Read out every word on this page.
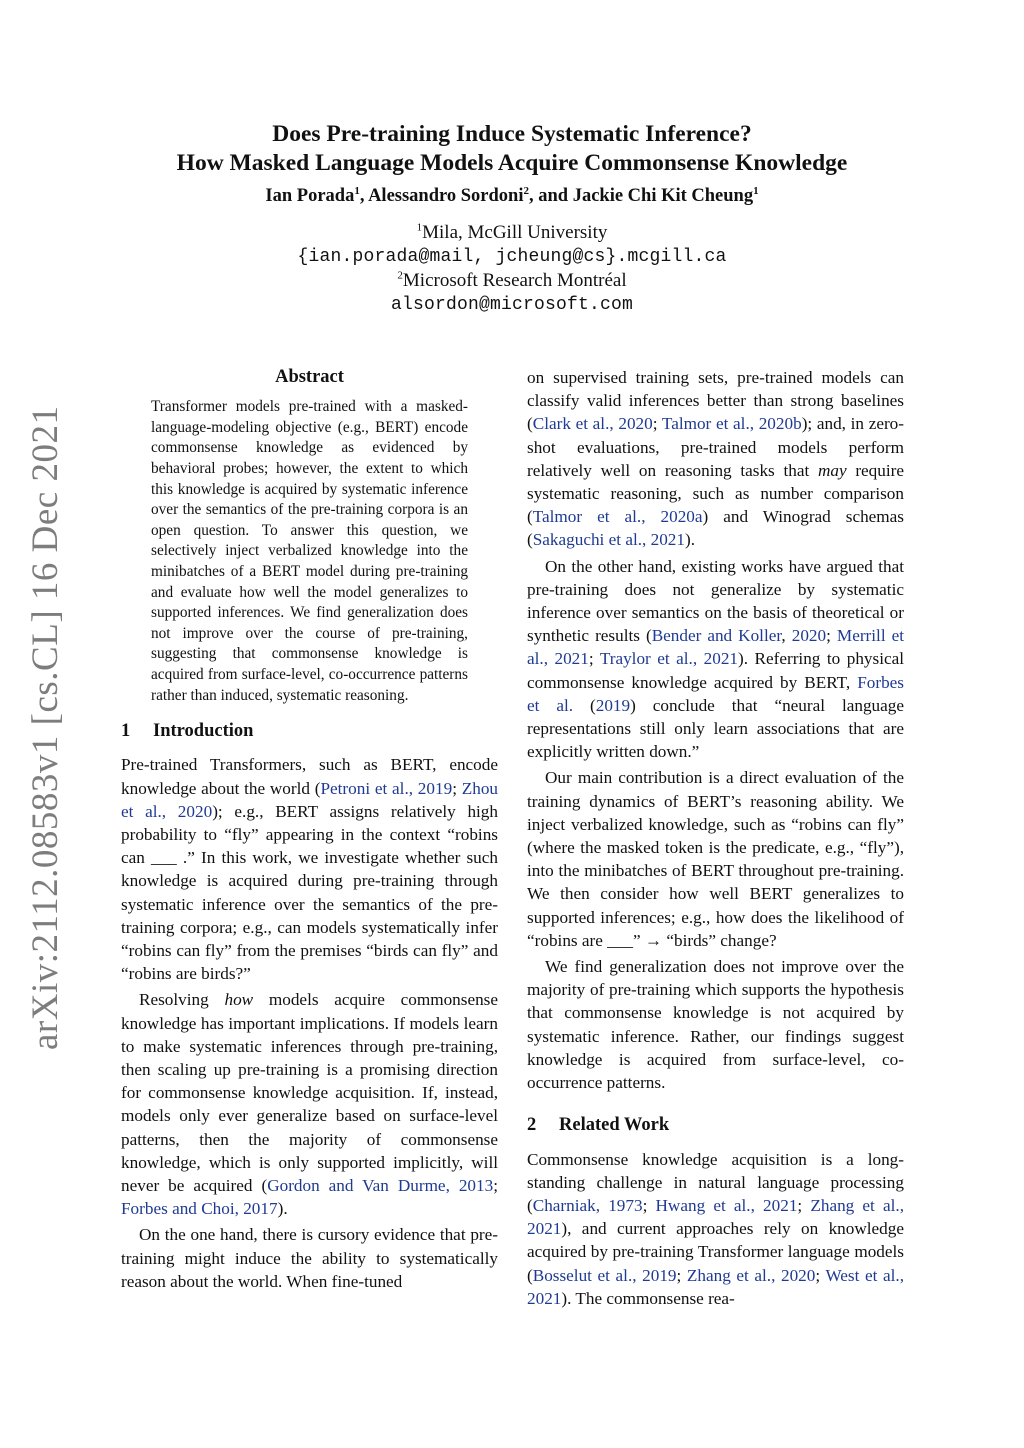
arXiv:2112.08583v1 [cs.CL] 16 Dec 2021
Does Pre-training Induce Systematic Inference?
How Masked Language Models Acquire Commonsense Knowledge
Ian Porada$^1$, Alessandro Sordoni$^2$, and Jackie Chi Kit Cheung$^1$
$^1$Mila, McGill University
{ian.porada@mail, jcheung@cs}.mcgill.ca
$^2$Microsoft Research Montréal
alsordon@microsoft.com
Abstract
Transformer models pre-trained with a masked-language-modeling objective (e.g., BERT) encode commonsense knowledge as evidenced by behavioral probes; however, the extent to which this knowledge is acquired by systematic inference over the semantics of the pre-training corpora is an open question. To answer this question, we selectively inject verbalized knowledge into the minibatches of a BERT model during pre-training and evaluate how well the model generalizes to supported inferences. We find generalization does not improve over the course of pre-training, suggesting that commonsense knowledge is acquired from surface-level, co-occurrence patterns rather than induced, systematic reasoning.
1 Introduction

Pre-trained Transformers, such as BERT, encode knowledge about the world (Petroni et al., 2019; Zhou et al., 2020); e.g., BERT assigns relatively high probability to “fly” appearing in the context “robins can ___ .” In this work, we investigate whether such knowledge is acquired during pre-training through systematic inference over the semantics of the pre-training corpora; e.g., can models systematically infer “robins can fly” from the premises “birds can fly” and “robins are birds?”

Resolving how models acquire commonsense knowledge has important implications. If models learn to make systematic inferences through pre-training, then scaling up pre-training is a promising direction for commonsense knowledge acquisition. If, instead, models only ever generalize based on surface-level patterns, then the majority of commonsense knowledge, which is only supported implicitly, will never be acquired (Gordon and Van Durme, 2013; Forbes and Choi, 2017).

On the one hand, there is cursory evidence that pre-training might induce the ability to systematically reason about the world. When fine-tuned

on supervised training sets, pre-trained models can classify valid inferences better than strong baselines (Clark et al., 2020; Talmor et al., 2020b); and, in zero-shot evaluations, pre-trained models perform relatively well on reasoning tasks that may require systematic reasoning, such as number comparison (Talmor et al., 2020a) and Winograd schemas (Sakaguchi et al., 2021).

On the other hand, existing works have argued that pre-training does not generalize by systematic inference over semantics on the basis of theoretical or synthetic results (Bender and Koller, 2020; Merrill et al., 2021; Traylor et al., 2021). Referring to physical commonsense knowledge acquired by BERT, Forbes et al. (2019) conclude that “neural language representations still only learn associations that are explicitly written down.”

Our main contribution is a direct evaluation of the training dynamics of BERT’s reasoning ability. We inject verbalized knowledge, such as “robins can fly” (where the masked token is the predicate, e.g., “fly”), into the minibatches of BERT throughout pre-training. We then consider how well BERT generalizes to supported inferences; e.g., how does the likelihood of “robins are ___” → “birds” change?

We find generalization does not improve over the majority of pre-training which supports the hypothesis that commonsense knowledge is not acquired by systematic inference. Rather, our findings suggest knowledge is acquired from surface-level, co-occurrence patterns.

2 Related Work

Commonsense knowledge acquisition is a long-standing challenge in natural language processing (Charniak, 1973; Hwang et al., 2021; Zhang et al., 2021), and current approaches rely on knowledge acquired by pre-training Transformer language models (Bosselut et al., 2019; Zhang et al., 2020; West et al., 2021). The commonsense rea-
